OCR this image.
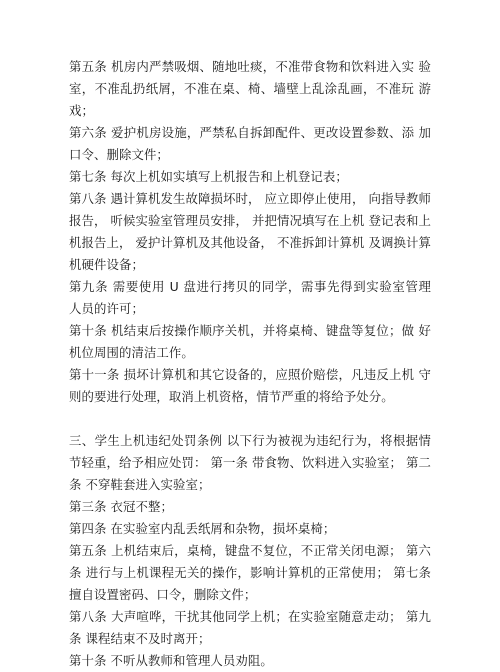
第五条 机房内严禁吸烟、随地吐痰，不准带食物和饮料进入实 验室，不准乱扔纸屑，不准在桌、椅、墙壁上乱涂乱画，不准玩 游戏；

第六条 爱护机房设施，严禁私自拆卸配件、更改设置参数、添 加口令、删除文件；

第七条 每次上机如实填写上机报告和上机登记表；

第八条 遇计算机发生故障损坏时， 应立即停止使用， 向指导教师报告， 听候实验室管理员安排， 并把情况填写在上机 登记表和上机报告上， 爱护计算机及其他设备， 不准拆卸计算机 及调换计算机硬件设备；

第九条 需要使用 U 盘进行拷贝的同学，需事先得到实验室管理 人员的许可；

第十条 机结束后按操作顺序关机，并将桌椅、键盘等复位；做 好机位周围的清洁工作。

第十一条 损坏计算机和其它设备的，应照价赔偿，凡违反上机 守则的要进行处理，取消上机资格，情节严重的将给予处分。

三、学生上机违纪处罚条例 以下行为被视为违纪行为，将根据情节轻重，给予相应处罚： 第一条 带食物、饮料进入实验室； 第二条 不穿鞋套进入实验室；

第三条 衣冠不整；

第四条 在实验室内乱丢纸屑和杂物，损坏桌椅；

第五条 上机结束后，桌椅，键盘不复位，不正常关闭电源； 第六条 进行与上机课程无关的操作，影响计算机的正常使用； 第七条 擅自设置密码、口令，删除文件；

第八条 大声喧哗，干扰其他同学上机；在实验室随意走动； 第九条 课程结束不及时离开；

第十条 不听从教师和管理人员劝阻。
